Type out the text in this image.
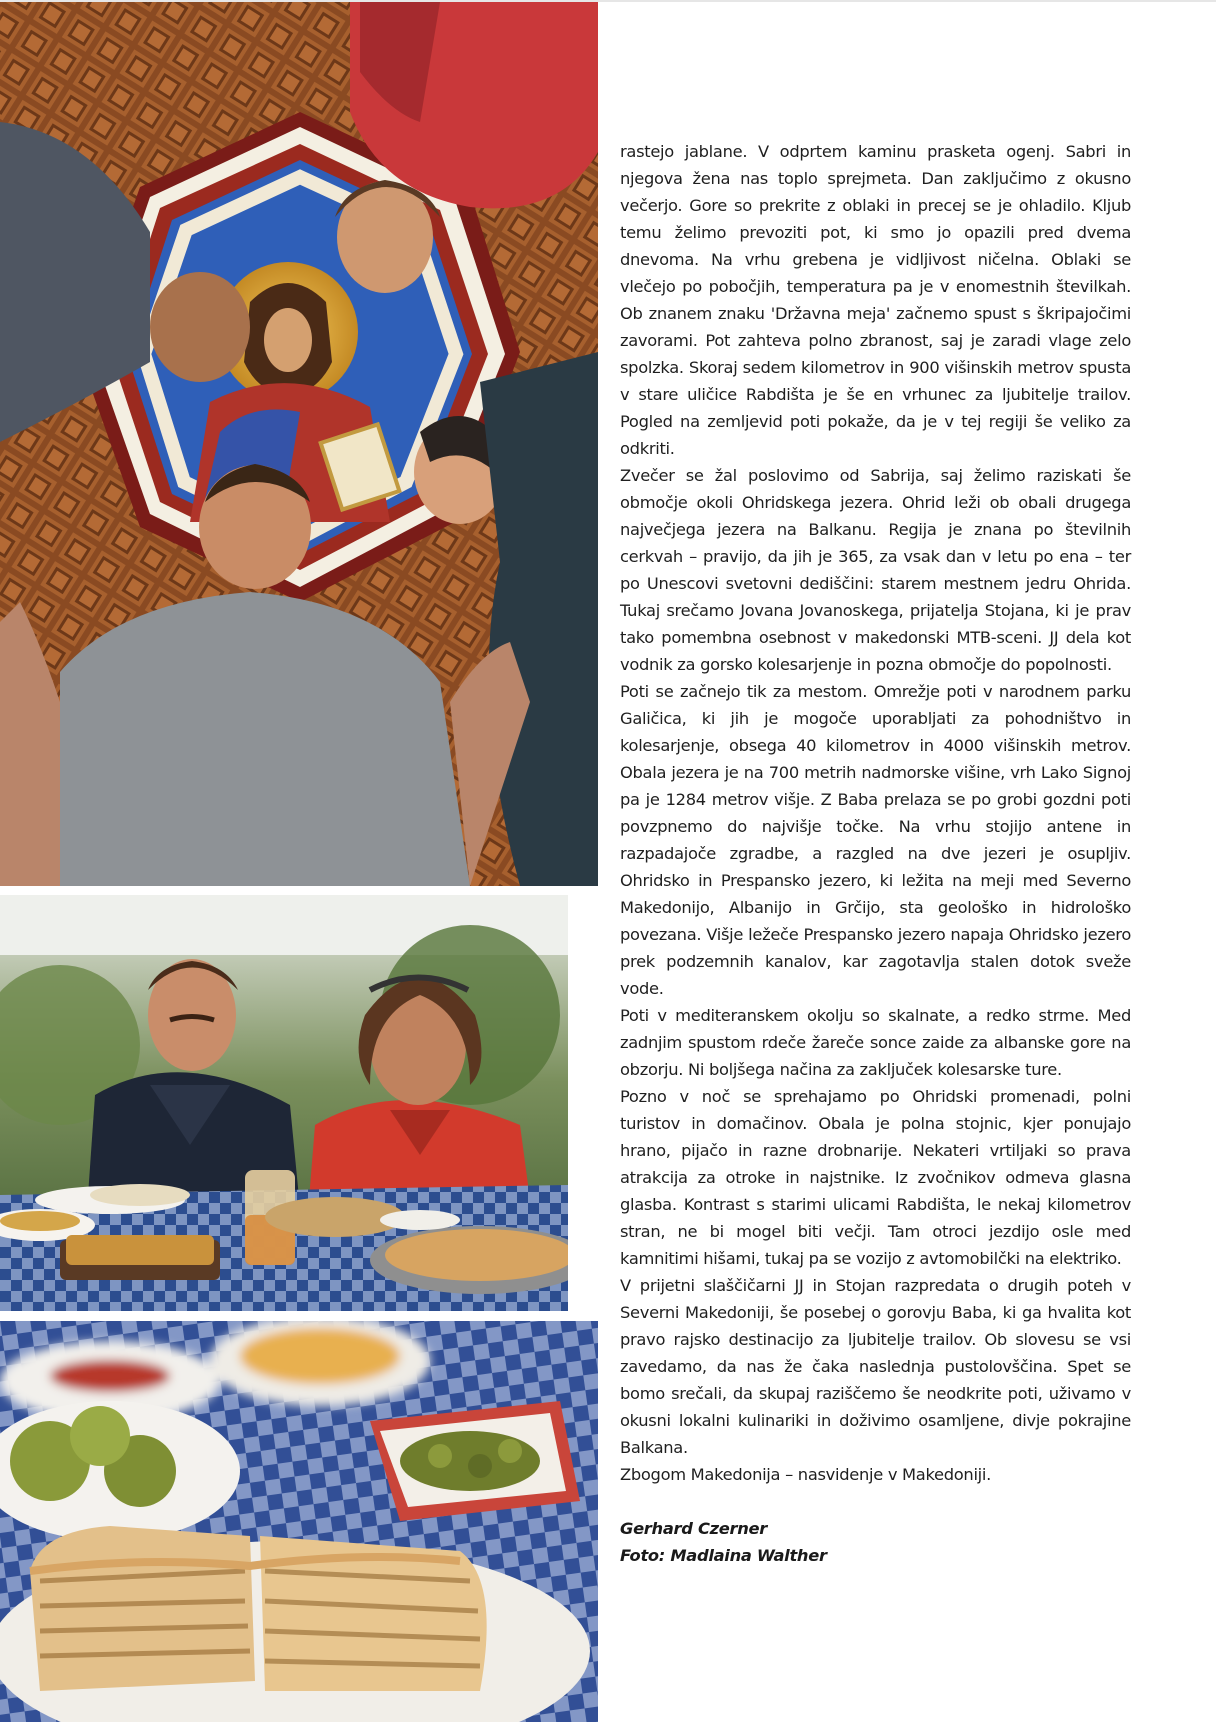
rastejo jablane. V odprtem kaminu prasketa ogenj. Sabri in njegova žena nas toplo sprejmeta. Dan zaključimo z okusno večerjo. Gore so prekrite z oblaki in precej se je ohladilo. Kljub temu želimo prevoziti pot, ki smo jo opazili pred dvema dnevoma. Na vrhu grebena je vidljivost ničelna. Oblaki se vlečejo po pobočjih, temperatura pa je v enomestnih številkah. Ob znanem znaku 'Državna meja' začnemo spust s škripajočimi zavorami. Pot zahteva polno zbranost, saj je zaradi vlage zelo spolzka. Skoraj sedem kilometrov in 900 višinskih metrov spusta v stare uličice Rabdišta je še en vrhunec za ljubitelje trailov. Pogled na zemljevid poti pokaže, da je v tej regiji še veliko za odkriti.

Zvečer se žal poslovimo od Sabrija, saj želimo raziskati še območje okoli Ohridskega jezera. Ohrid leži ob obali drugega največjega jezera na Balkanu. Regija je znana po številnih cerkvah – pravijo, da jih je 365, za vsak dan v letu po ena – ter po Unescovi svetovni dediščini: starem mestnem jedru Ohrida. Tukaj srečamo Jovana Jovanoskega, prijatelja Stojana, ki je prav tako pomembna osebnost v makedonski MTB-sceni. JJ dela kot vodnik za gorsko kolesarjenje in pozna območje do popolnosti.

Poti se začnejo tik za mestom. Omrežje poti v narodnem parku Galičica, ki jih je mogoče uporabljati za pohodništvo in kolesarjenje, obsega 40 kilometrov in 4000 višinskih metrov. Obala jezera je na 700 metrih nadmorske višine, vrh Lako Signoj pa je 1284 metrov višje. Z Baba prelaza se po grobi gozdni poti povzpnemo do najvišje točke. Na vrhu stojijo antene in razpadajoče zgradbe, a razgled na dve jezeri je osupljiv. Ohridsko in Prespansko jezero, ki ležita na meji med Severno Makedonijo, Albanijo in Grčijo, sta geološko in hidrološko povezana. Višje ležeče Prespansko jezero napaja Ohridsko jezero prek podzemnih kanalov, kar zagotavlja stalen dotok sveže vode.

Poti v mediteranskem okolju so skalnate, a redko strme. Med zadnjim spustom rdeče žareče sonce zaide za albanske gore na obzorju. Ni boljšega načina za zaključek kolesarske ture.

Pozno v noč se sprehajamo po Ohridski promenadi, polni turistov in domačinov. Obala je polna stojnic, kjer ponujajo hrano, pijačo in razne drobnarije. Nekateri vrtiljaki so prava atrakcija za otroke in najstnike. Iz zvočnikov odmeva glasna glasba. Kontrast s starimi ulicami Rabdišta, le nekaj kilometrov stran, ne bi mogel biti večji. Tam otroci jezdijo osle med kamnitimi hišami, tukaj pa se vozijo z avtomobilčki na elektriko.

V prijetni slaščičarni JJ in Stojan razpredata o drugih poteh v Severni Makedoniji, še posebej o gorovju Baba, ki ga hvalita kot pravo rajsko destinacijo za ljubitelje trailov. Ob slovesu se vsi zavedamo, da nas že čaka naslednja pustolovščina. Spet se bomo srečali, da skupaj raziščemo še neodkrite poti, uživamo v okusni lokalni kulinariki in doživimo osamljene, divje pokrajine Balkana.

Zbogom Makedonija – nasvidenje v Makedoniji.

Gerhard Czerner
Foto: Madlaina Walther
